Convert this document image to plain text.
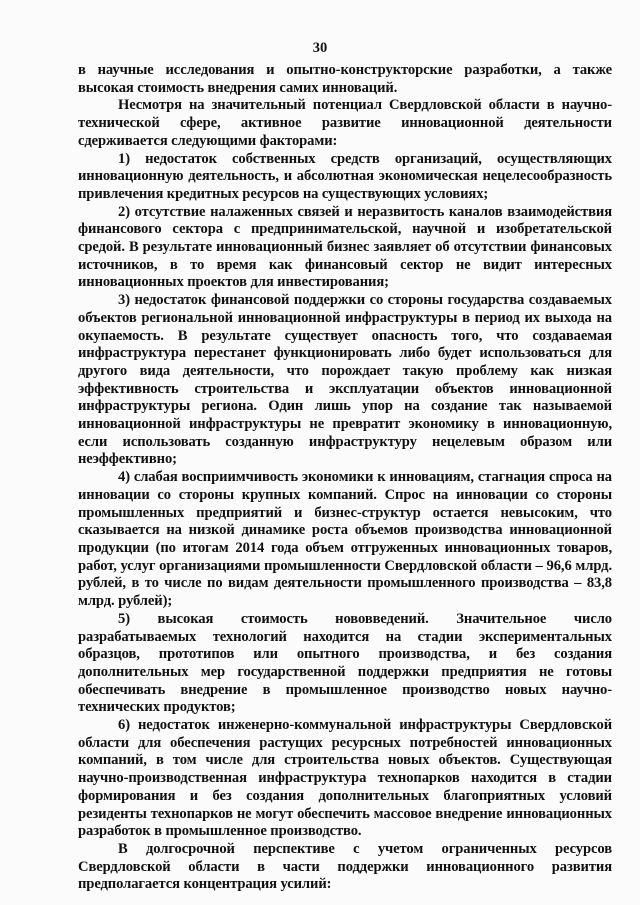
30

в научные исследования и опытно-конструкторские разработки, а также высокая стоимость внедрения самих инноваций.

Несмотря на значительный потенциал Свердловской области в научно-технической сфере, активное развитие инновационной деятельности сдерживается следующими факторами:

1) недостаток собственных средств организаций, осуществляющих инновационную деятельность, и абсолютная экономическая нецелесообразность привлечения кредитных ресурсов на существующих условиях;

2) отсутствие налаженных связей и неразвитость каналов взаимодействия финансового сектора с предпринимательской, научной и изобретательской средой. В результате инновационный бизнес заявляет об отсутствии финансовых источников, в то время как финансовый сектор не видит интересных инновационных проектов для инвестирования;

3) недостаток финансовой поддержки со стороны государства создаваемых объектов региональной инновационной инфраструктуры в период их выхода на окупаемость. В результате существует опасность того, что создаваемая инфраструктура перестанет функционировать либо будет использоваться для другого вида деятельности, что порождает такую проблему как низкая эффективность строительства и эксплуатации объектов инновационной инфраструктуры региона. Один лишь упор на создание так называемой инновационной инфраструктуры не превратит экономику в инновационную, если использовать созданную инфраструктуру нецелевым образом или неэффективно;

4) слабая восприимчивость экономики к инновациям, стагнация спроса на инновации со стороны крупных компаний. Спрос на инновации со стороны промышленных предприятий и бизнес-структур остается невысоким, что сказывается на низкой динамике роста объемов производства инновационной продукции (по итогам 2014 года объем отгруженных инновационных товаров, работ, услуг организациями промышленности Свердловской области – 96,6 млрд. рублей, в то числе по видам деятельности промышленного производства – 83,8 млрд. рублей);

5) высокая стоимость нововведений. Значительное число разрабатываемых технологий находится на стадии экспериментальных образцов, прототипов или опытного производства, и без создания дополнительных мер государственной поддержки предприятия не готовы обеспечивать внедрение в промышленное производство новых научно-технических продуктов;

6) недостаток инженерно-коммунальной инфраструктуры Свердловской области для обеспечения растущих ресурсных потребностей инновационных компаний, в том числе для строительства новых объектов. Существующая научно-производственная инфраструктура технопарков находится в стадии формирования и без создания дополнительных благоприятных условий резиденты технопарков не могут обеспечить массовое внедрение инновационных разработок в промышленное производство.

В долгосрочной перспективе с учетом ограниченных ресурсов Свердловской области в части поддержки инновационного развития предполагается концентрация усилий:
